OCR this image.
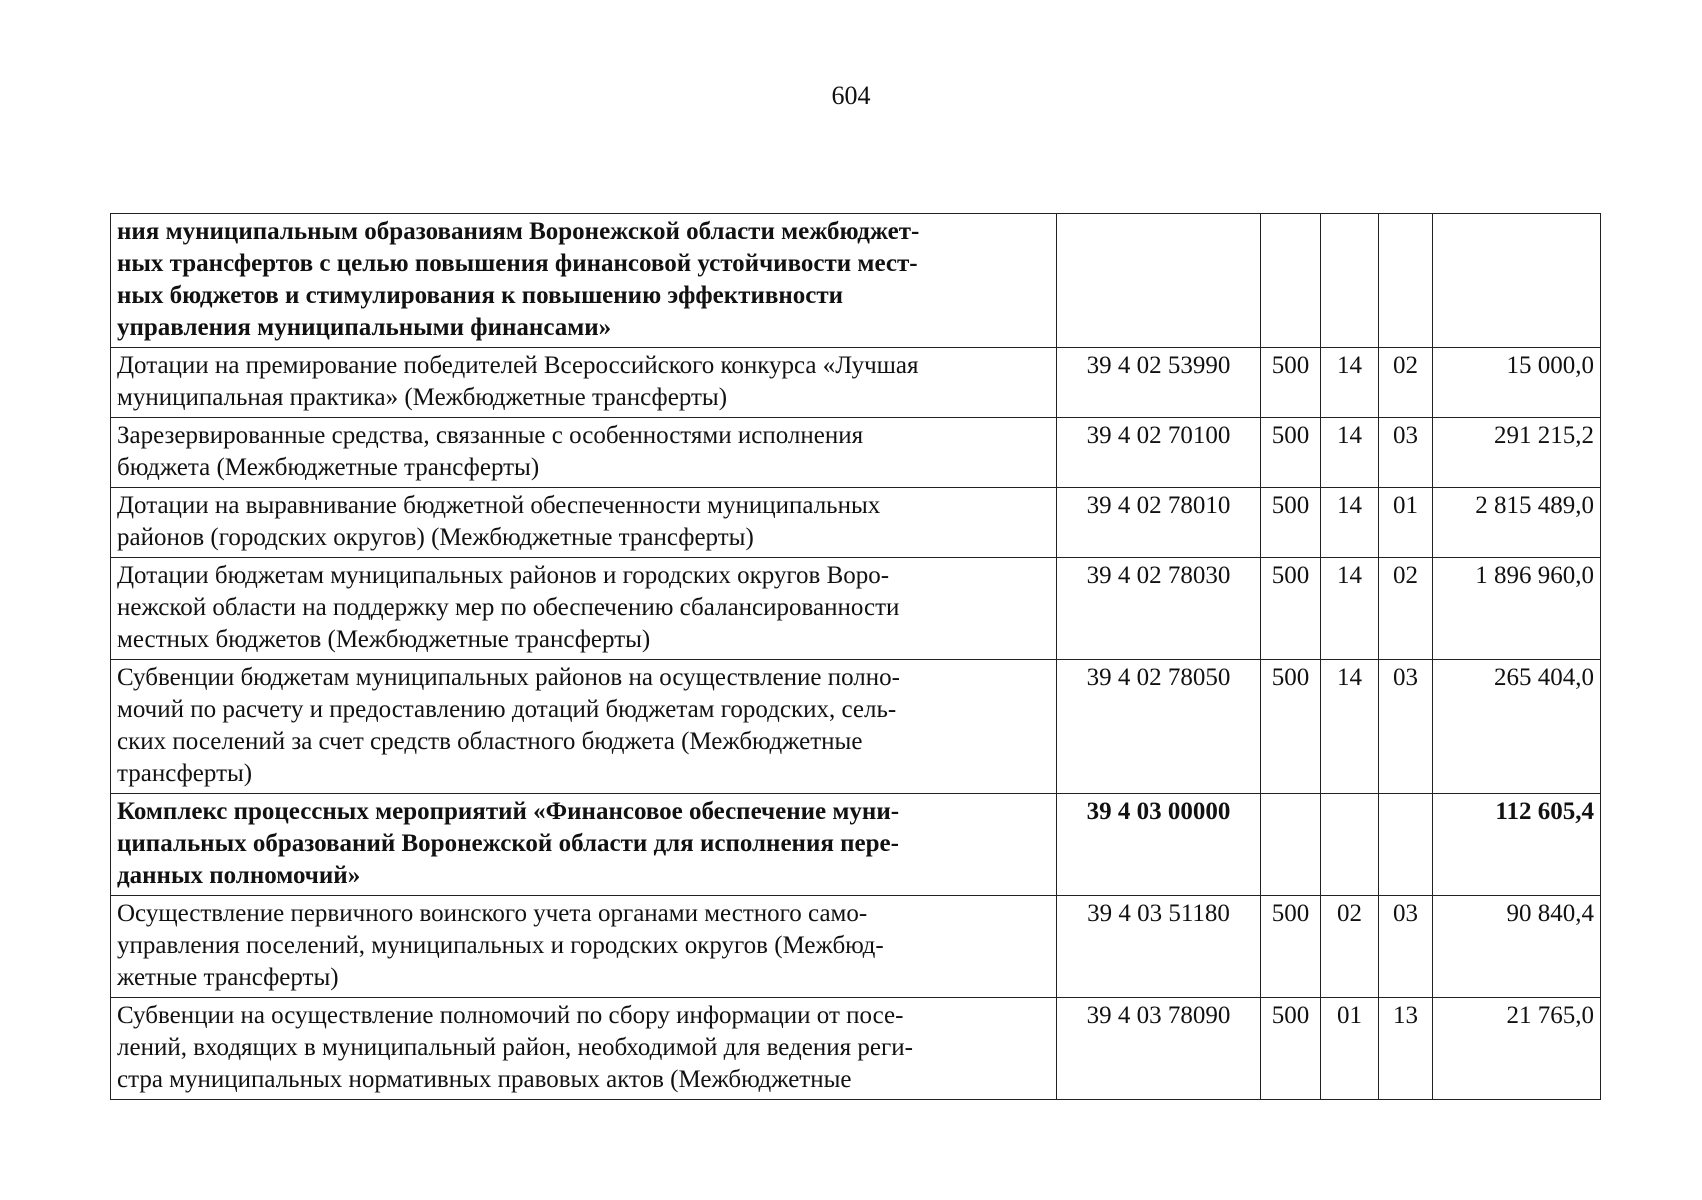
604
ния муниципальным образованиям Воронежской области межбюджет-
ных трансфертов с целью повышения финансовой устойчивости мест-
ных бюджетов и стимулирования к повышению эффективности
управления муниципальными финансами»					
Дотации на премирование победителей Всероссийского конкурса «Лучшая
муниципальная практика» (Межбюджетные трансферты)	39 4 02 53990	500	14	02	15 000,0
Зарезервированные средства, связанные с особенностями исполнения
бюджета (Межбюджетные трансферты)	39 4 02 70100	500	14	03	291 215,2
Дотации на выравнивание бюджетной обеспеченности муниципальных
районов (городских округов) (Межбюджетные трансферты)	39 4 02 78010	500	14	01	2 815 489,0
Дотации бюджетам муниципальных районов и городских округов Воро-
нежской области на поддержку мер по обеспечению сбалансированности
местных бюджетов (Межбюджетные трансферты)	39 4 02 78030	500	14	02	1 896 960,0
Субвенции бюджетам муниципальных районов на осуществление полно-
мочий по расчету и предоставлению дотаций бюджетам городских, сель-
ских поселений за счет средств областного бюджета (Межбюджетные
трансферты)	39 4 02 78050	500	14	03	265 404,0
Комплекс процессных мероприятий «Финансовое обеспечение муни-
ципальных образований Воронежской области для исполнения пере-
данных полномочий»	39 4 03 00000				112 605,4
Осуществление первичного воинского учета органами местного само-
управления поселений, муниципальных и городских округов (Межбюд-
жетные трансферты)	39 4 03 51180	500	02	03	90 840,4
Субвенции на осуществление полномочий по сбору информации от посе-
лений, входящих в муниципальный район, необходимой для ведения реги-
стра муниципальных нормативных правовых актов (Межбюджетные	39 4 03 78090	500	01	13	21 765,0
